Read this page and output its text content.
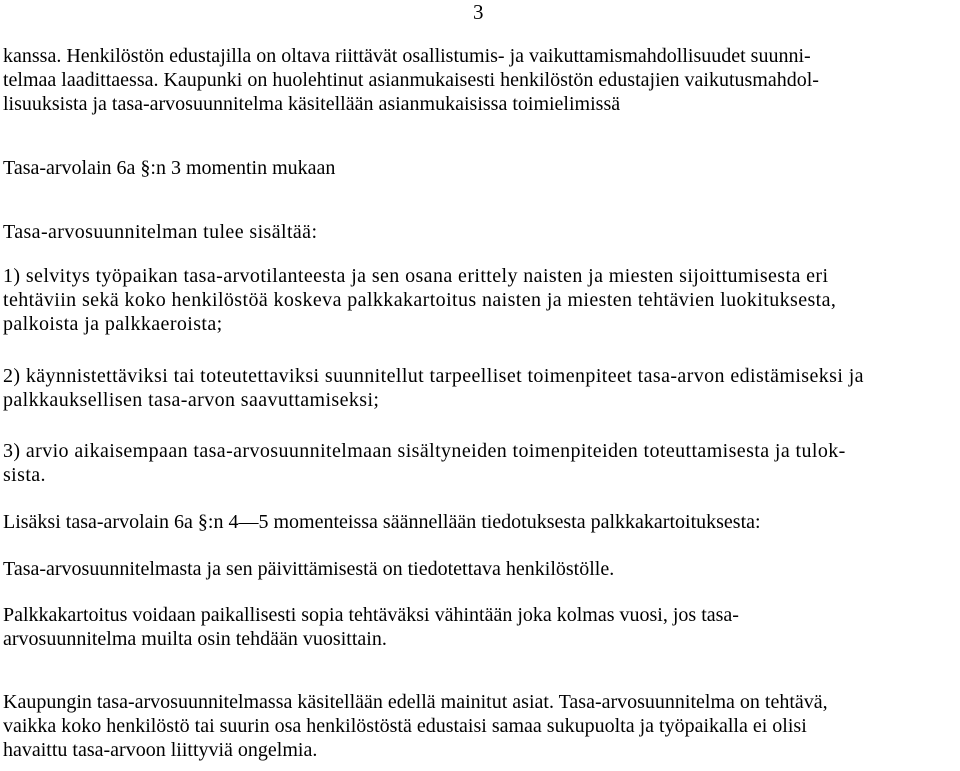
3
kanssa. Henkilöstön edustajilla on oltava riittävät osallistumis- ja vaikuttamismahdollisuudet suunni-
telmaa laadittaessa. Kaupunki on huolehtinut asianmukaisesti henkilöstön edustajien vaikutusmahdol-
lisuuksista ja tasa-arvosuunnitelma käsitellään asianmukaisissa toimielimissä
Tasa-arvolain 6a §:n 3 momentin mukaan
Tasa-arvosuunnitelman tulee sisältää:
1) selvitys työpaikan tasa-arvotilanteesta ja sen osana erittely naisten ja miesten sijoittumisesta eri
tehtäviin sekä koko henkilöstöä koskeva palkkakartoitus naisten ja miesten tehtävien luokituksesta,
palkoista ja palkkaeroista;
2) käynnistettäviksi tai toteutettaviksi suunnitellut tarpeelliset toimenpiteet tasa-arvon edistämiseksi ja
palkkauksellisen tasa-arvon saavuttamiseksi;
3) arvio aikaisempaan tasa-arvosuunnitelmaan sisältyneiden toimenpiteiden toteuttamisesta ja tulok-
sista.
Lisäksi tasa-arvolain 6a §:n 4—5 momenteissa säännellään tiedotuksesta palkkakartoituksesta:
Tasa-arvosuunnitelmasta ja sen päivittämisestä on tiedotettava henkilöstölle.
Palkkakartoitus voidaan paikallisesti sopia tehtäväksi vähintään joka kolmas vuosi, jos tasa-
arvosuunnitelma muilta osin tehdään vuosittain.
Kaupungin tasa-arvosuunnitelmassa käsitellään edellä mainitut asiat. Tasa-arvosuunnitelma on tehtävä,
vaikka koko henkilöstö tai suurin osa henkilöstöstä edustaisi samaa sukupuolta ja työpaikalla ei olisi
havaittu tasa-arvoon liittyviä ongelmia.
